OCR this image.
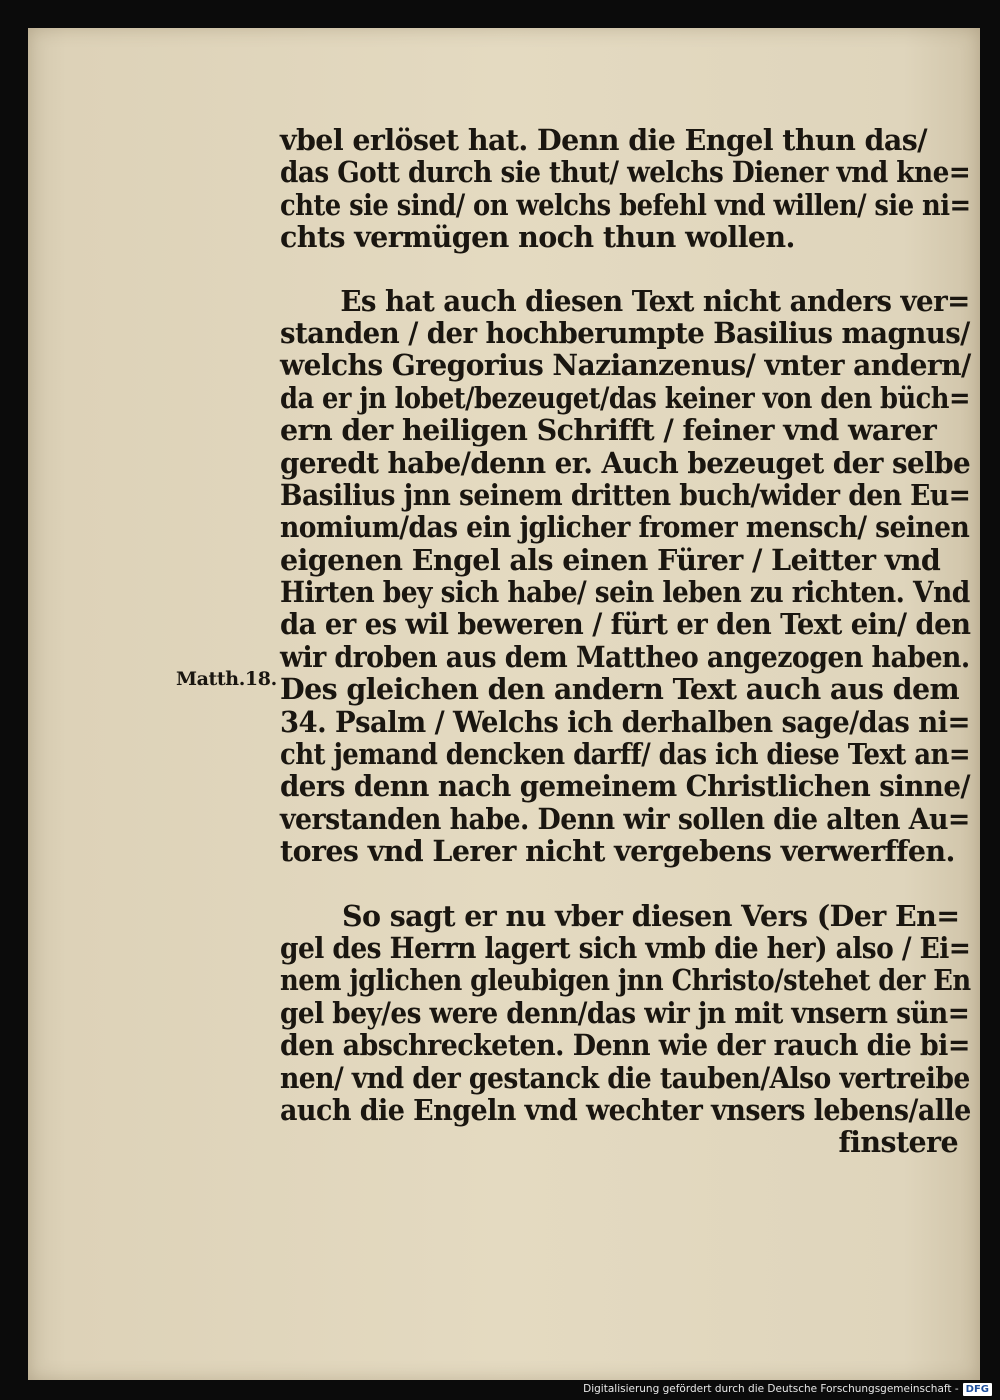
vbel erlöset hat. Denn die Engel thun das/
das Gott durch sie thut/ welchs Diener vnd kne=
chte sie sind/ on welchs befehl vnd willen/ sie ni=
chts vermügen noch thun wollen.
Es hat auch diesen Text nicht anders ver=
standen / der hochberumpte Basilius magnus/
welchs Gregorius Nazianzenus/ vnter andern/
da er jn lobet/bezeuget/das keiner von den büch=
ern der heiligen Schrifft / feiner vnd warer
geredt habe/denn er. Auch bezeuget der selbe
Basilius jnn seinem dritten buch/wider den Eu=
nomium/das ein jglicher fromer mensch/ seinen
eigenen Engel als einen Fürer / Leitter vnd
Hirten bey sich habe/ sein leben zu richten. Vnd
da er es wil beweren / fürt er den Text ein/ den
wir droben aus dem Mattheo angezogen haben.
Des gleichen den andern Text auch aus dem
34. Psalm / Welchs ich derhalben sage/das ni=
cht jemand dencken darff/ das ich diese Text an=
ders denn nach gemeinem Christlichen sinne/
verstanden habe. Denn wir sollen die alten Au=
tores vnd Lerer nicht vergebens verwerffen.
So sagt er nu vber diesen Vers (Der En=
gel des Herrn lagert sich vmb die her) also / Ei=
nem jglichen gleubigen jnn Christo/stehet der En
gel bey/es were denn/das wir jn mit vnsern sün=
den abschrecketen. Denn wie der rauch die bi=
nen/ vnd der gestanck die tauben/Also vertreibe
auch die Engeln vnd wechter vnsers lebens/alle
finstere
Matth.18.
Digitalisierung gefördert durch die Deutsche Forschungsgemeinschaft - DFG
